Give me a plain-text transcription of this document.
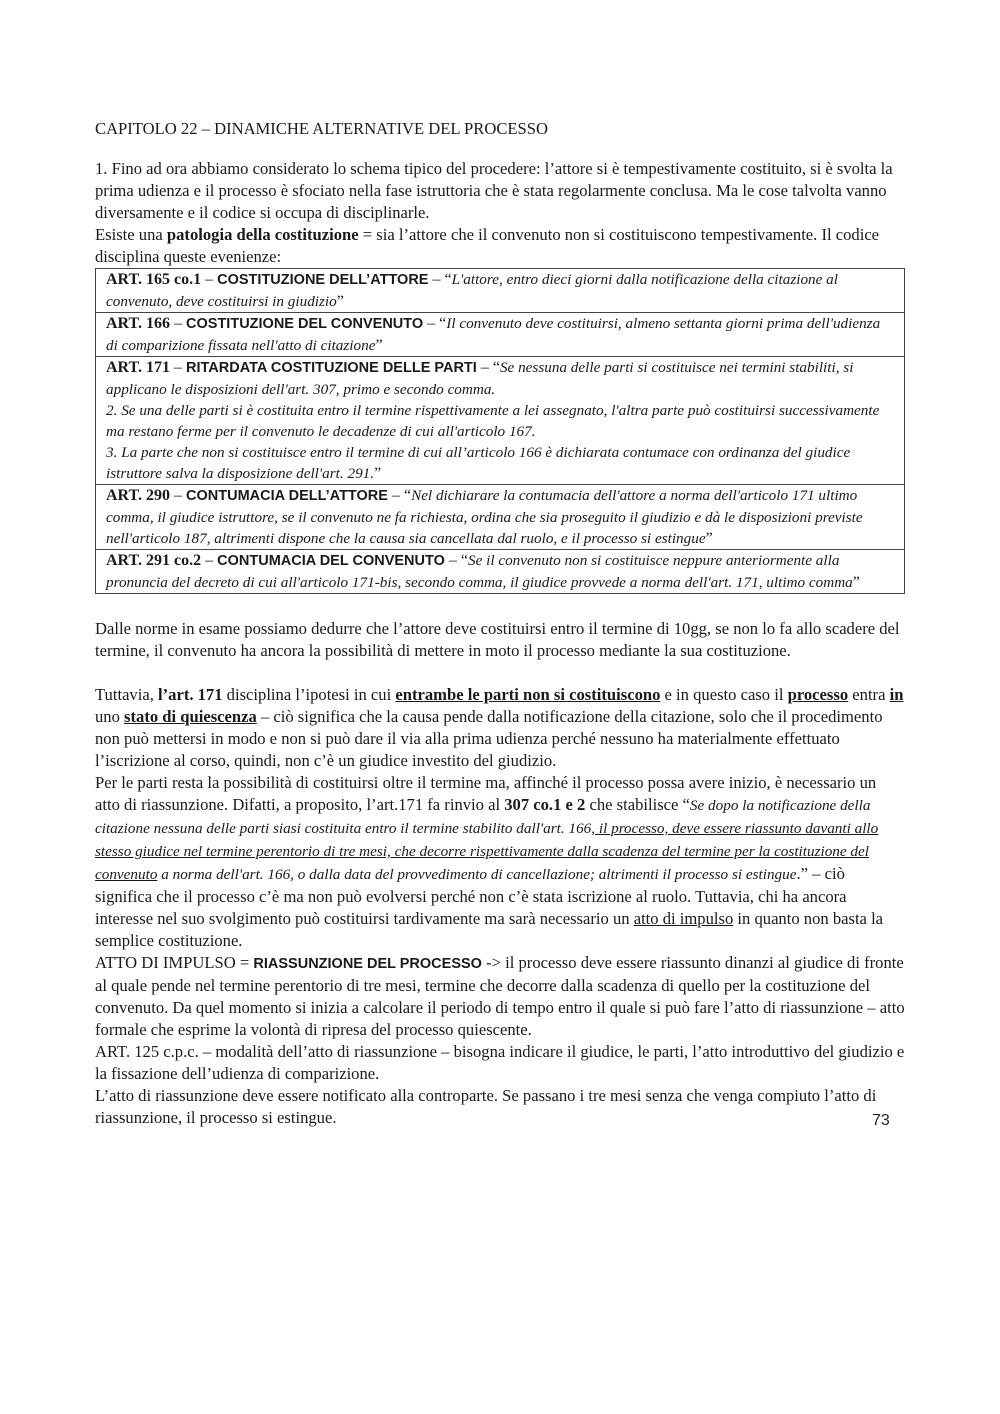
CAPITOLO 22 – DINAMICHE ALTERNATIVE DEL PROCESSO

1. Fino ad ora abbiamo considerato lo schema tipico del procedere: l’attore si è tempestivamente costituito, si è svolta la prima udienza e il processo è sfociato nella fase istruttoria che è stata regolarmente conclusa. Ma le cose talvolta vanno diversamente e il codice si occupa di disciplinarle.

Esiste una patologia della costituzione = sia l’attore che il convenuto non si costituiscono tempestivamente. Il codice disciplina queste evenienze:

ART. 165 co.1 – COSTITUZIONE DELL’ATTORE – “L'attore, entro dieci giorni dalla notificazione della citazione al convenuto, deve costituirsi in giudizio”
ART. 166 – COSTITUZIONE DEL CONVENUTO – “Il convenuto deve costituirsi, almeno settanta giorni prima dell'udienza di comparizione fissata nell'atto di citazione”
ART. 171 – RITARDATA COSTITUZIONE DELLE PARTI – “Se nessuna delle parti si costituisce nei termini stabiliti, si applicano le disposizioni dell'art. 307, primo e secondo comma.
2. Se una delle parti si è costituita entro il termine rispettivamente a lei assegnato, l'altra parte può costituirsi successivamente ma restano ferme per il convenuto le decadenze di cui all'articolo 167.
3. La parte che non si costituisce entro il termine di cui all’articolo 166 è dichiarata contumace con ordinanza del giudice istruttore salva la disposizione dell'art. 291.”
ART. 290 – CONTUMACIA DELL’ATTORE – “Nel dichiarare la contumacia dell'attore a norma dell'articolo 171 ultimo comma, il giudice istruttore, se il convenuto ne fa richiesta, ordina che sia proseguito il giudizio e dà le disposizioni previste nell'articolo 187, altrimenti dispone che la causa sia cancellata dal ruolo, e il processo si estingue”
ART. 291 co.2 – CONTUMACIA DEL CONVENUTO – “Se il convenuto non si costituisce neppure anteriormente alla pronuncia del decreto di cui all'articolo 171-bis, secondo comma, il giudice provvede a norma dell'art. 171, ultimo comma”

Dalle norme in esame possiamo dedurre che l’attore deve costituirsi entro il termine di 10gg, se non lo fa allo scadere del termine, il convenuto ha ancora la possibilità di mettere in moto il processo mediante la sua costituzione.

Tuttavia, l’art. 171 disciplina l’ipotesi in cui entrambe le parti non si costituiscono e in questo caso il processo entra in uno stato di quiescenza – ciò significa che la causa pende dalla notificazione della citazione, solo che il procedimento non può mettersi in modo e non si può dare il via alla prima udienza perché nessuno ha materialmente effettuato l’iscrizione al corso, quindi, non c’è un giudice investito del giudizio.

Per le parti resta la possibilità di costituirsi oltre il termine ma, affinché il processo possa avere inizio, è necessario un atto di riassunzione. Difatti, a proposito, l’art.171 fa rinvio al 307 co.1 e 2 che stabilisce “Se dopo la notificazione della citazione nessuna delle parti siasi costituita entro il termine stabilito dall'art. 166, il processo, deve essere riassunto davanti allo stesso giudice nel termine perentorio di tre mesi, che decorre rispettivamente dalla scadenza del termine per la costituzione del convenuto a norma dell'art. 166, o dalla data del provvedimento di cancellazione; altrimenti il processo si estingue.” – ciò significa che il processo c’è ma non può evolversi perché non c’è stata iscrizione al ruolo. Tuttavia, chi ha ancora interesse nel suo svolgimento può costituirsi tardivamente ma sarà necessario un atto di impulso in quanto non basta la semplice costituzione.

ATTO DI IMPULSO = RIASSUNZIONE DEL PROCESSO -> il processo deve essere riassunto dinanzi al giudice di fronte al quale pende nel termine perentorio di tre mesi, termine che decorre dalla scadenza di quello per la costituzione del convenuto. Da quel momento si inizia a calcolare il periodo di tempo entro il quale si può fare l’atto di riassunzione – atto formale che esprime la volontà di ripresa del processo quiescente.

ART. 125 c.p.c. – modalità dell’atto di riassunzione – bisogna indicare il giudice, le parti, l’atto introduttivo del giudizio e la fissazione dell’udienza di comparizione.

L’atto di riassunzione deve essere notificato alla controparte. Se passano i tre mesi senza che venga compiuto l’atto di riassunzione, il processo si estingue.	73
